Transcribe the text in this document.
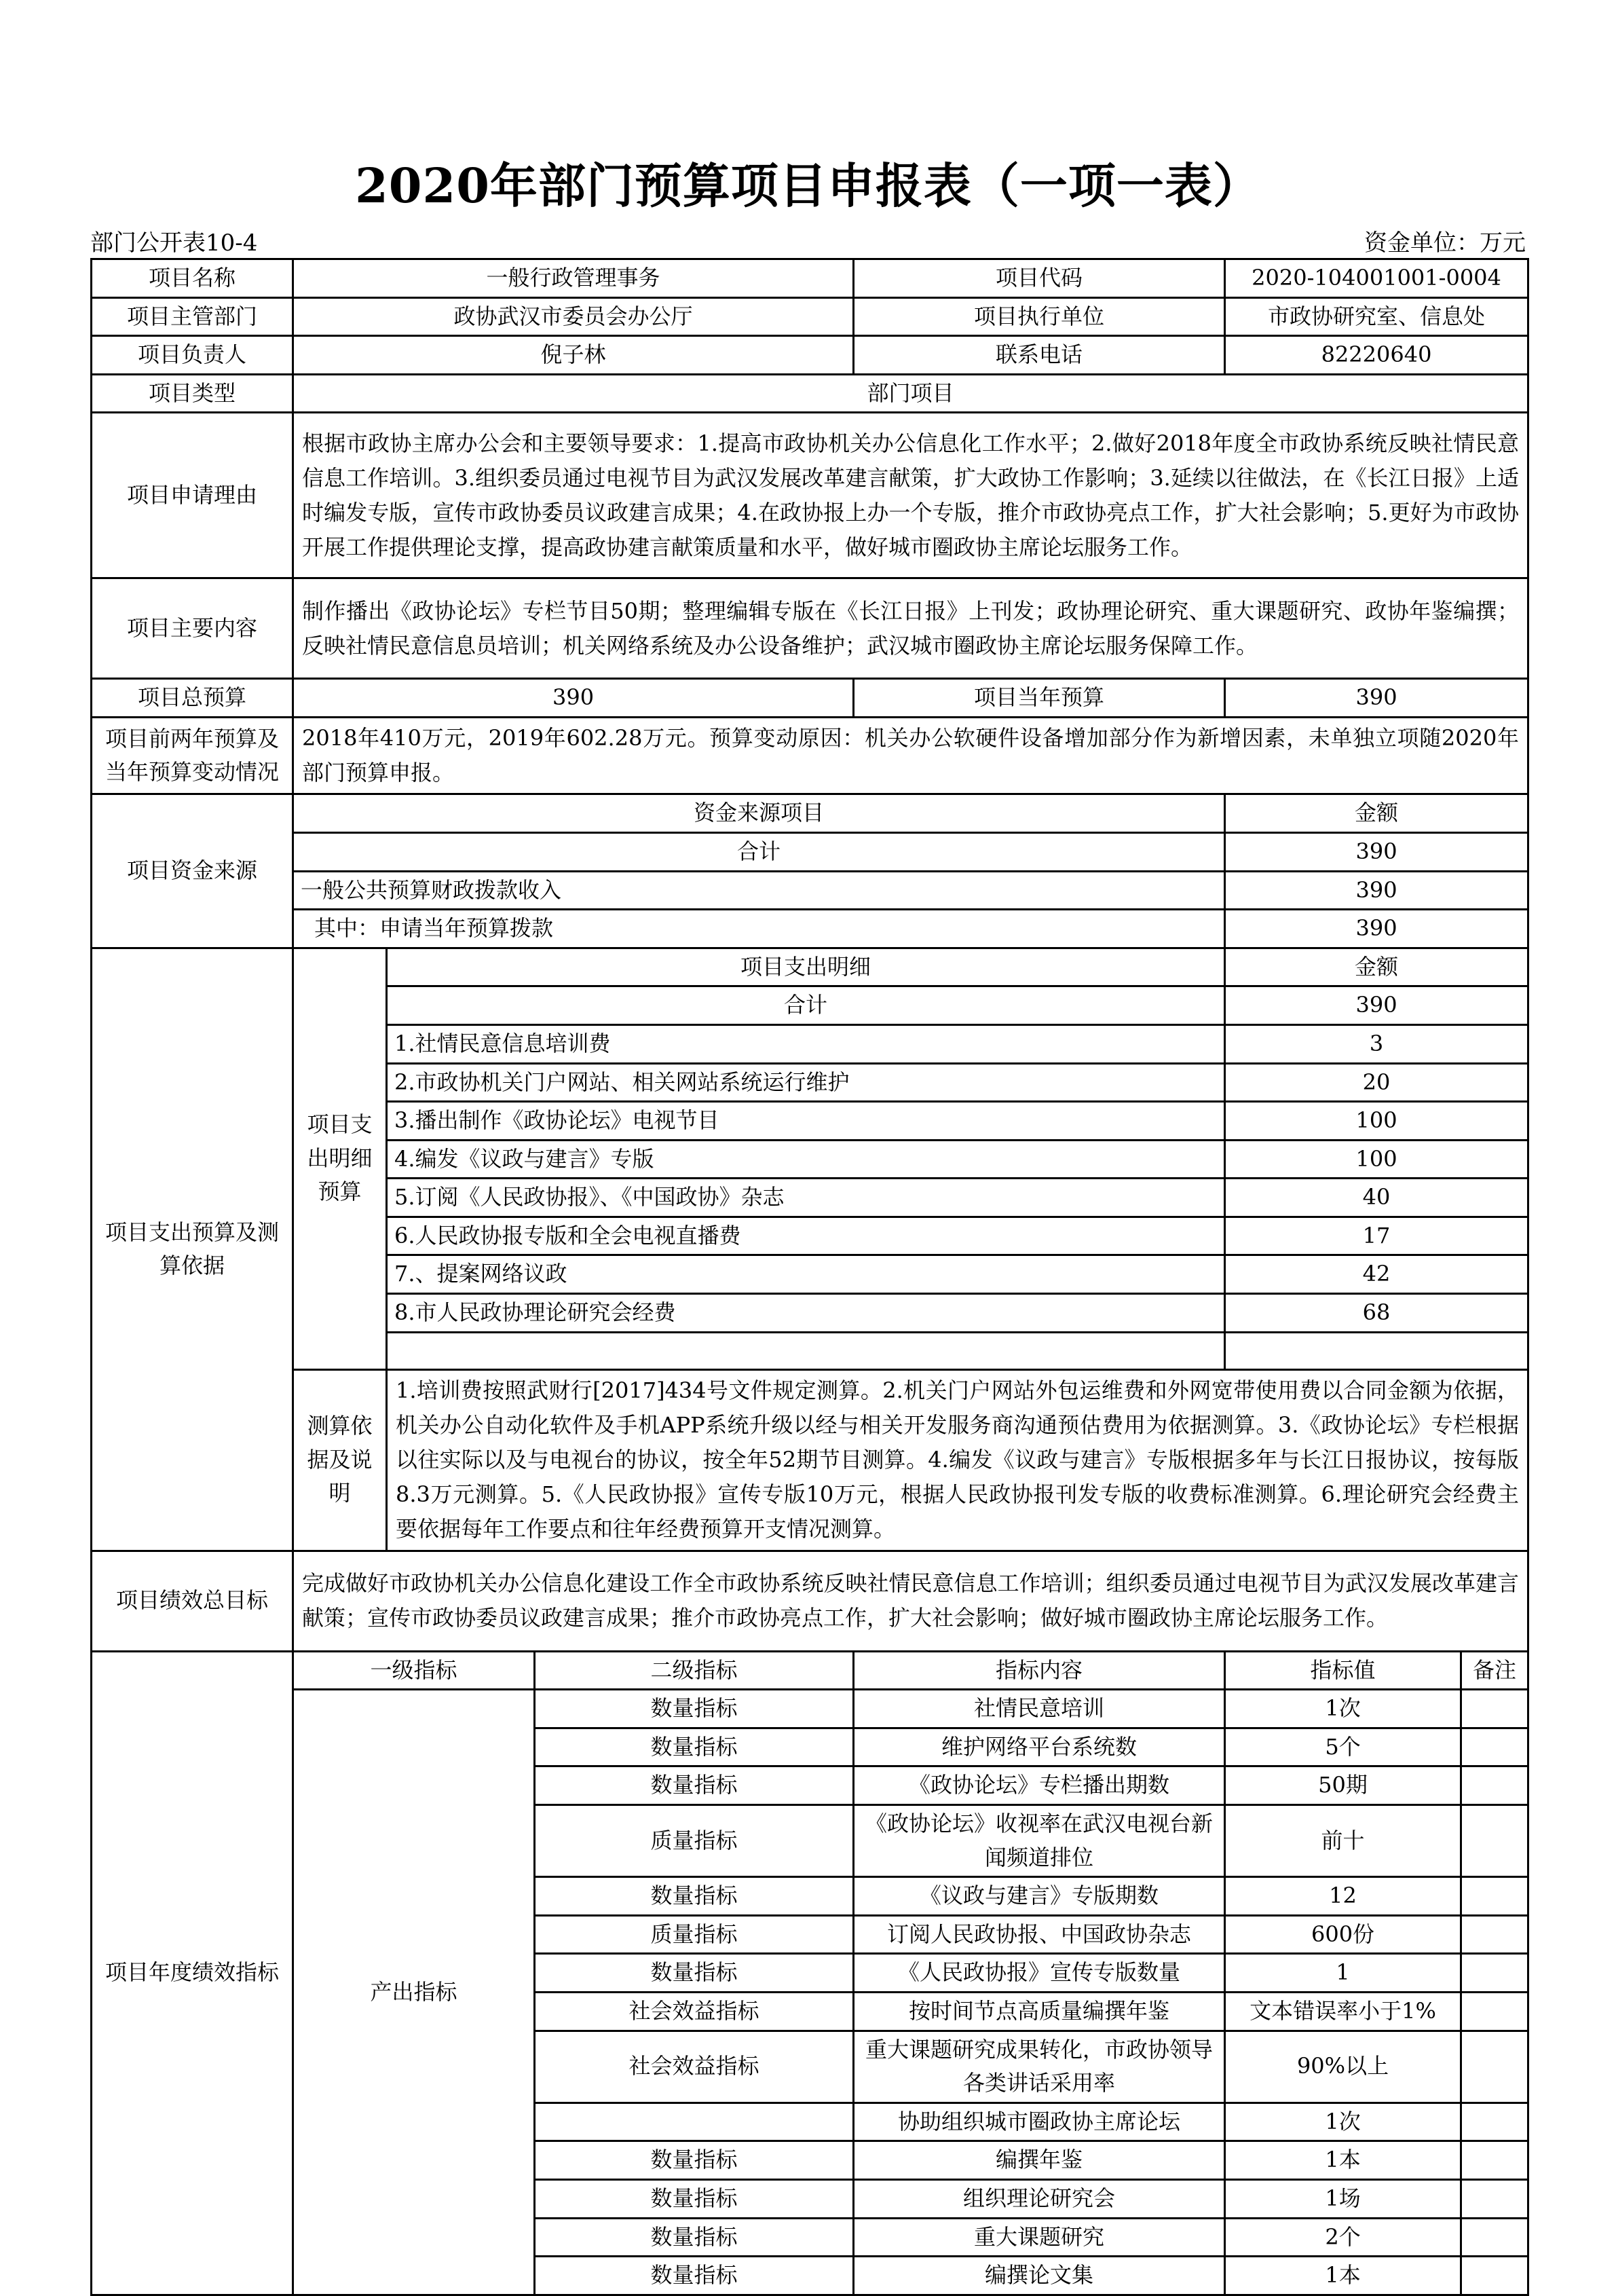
2020年部门预算项目申报表（一项一表）
部门公开表10-4	资金单位：万元
项目名称	一般行政管理事务			项目代码	2020-104001001-0004	
项目主管部门	政协武汉市委员会办公厅			项目执行单位	市政协研究室、信息处	
项目负责人	倪子林			联系电话	82220640	
项目类型	部门项目					
项目申请理由	根据市政协主席办公会和主要领导要求：1.提高市政协机关办公信息化工作水平；2.做好2018年度全市政协系统反映社情民意信息工作培训。3.组织委员通过电视节目为武汉发展改革建言献策，扩大政协工作影响；3.延续以往做法，在《长江日报》上适时编发专版，宣传市政协委员议政建言成果；4.在政协报上办一个专版，推介市政协亮点工作，扩大社会影响；5.更好为市政协开展工作提供理论支撑，提高政协建言献策质量和水平，做好城市圈政协主席论坛服务工作。					
项目主要内容	制作播出《政协论坛》专栏节目50期；整理编辑专版在《长江日报》上刊发；政协理论研究、重大课题研究、政协年鉴编撰；反映社情民意信息员培训；机关网络系统及办公设备维护；武汉城市圈政协主席论坛服务保障工作。					
项目总预算	390			项目当年预算	390	
项目前两年预算及当年预算变动情况	2018年410万元，2019年602.28万元。预算变动原因：机关办公软硬件设备增加部分作为新增因素，未单独立项随2020年部门预算申报。					
项目资金来源	资金来源项目				金额	
	合计				390	
	一般公共预算财政拨款收入				390	
	其中：申请当年预算拨款				390	
项目支出预算及测算依据	项目支出明细预算	项目支出明细			金额	
		合计			390	
		1.社情民意信息培训费			3	
		2.市政协机关门户网站、相关网站系统运行维护			20	
		3.播出制作《政协论坛》电视节目			100	
		4.编发《议政与建言》专版			100	
		5.订阅《人民政协报》、《中国政协》杂志			40	
		6.人民政协报专版和全会电视直播费			17	
		7.、提案网络议政			42	
		8.市人民政协理论研究会经费			68	

	测算依据及说明	1.培训费按照武财行[2017]434号文件规定测算。2.机关门户网站外包运维费和外网宽带使用费以合同金额为依据，机关办公自动化软件及手机APP系统升级以经与相关开发服务商沟通预估费用为依据测算。3.《政协论坛》专栏根据以往实际以及与电视台的协议，按全年52期节目测算。4.编发《议政与建言》专版根据多年与长江日报协议，按每版8.3万元测算。5.《人民政协报》宣传专版10万元，根据人民政协报刊发专版的收费标准测算。6.理论研究会经费主要依据每年工作要点和往年经费预算开支情况测算。				
项目绩效总目标	完成做好市政协机关办公信息化建设工作全市政协系统反映社情民意信息工作培训；组织委员通过电视节目为武汉发展改革建言献策；宣传市政协委员议政建言成果；推介市政协亮点工作，扩大社会影响；做好城市圈政协主席论坛服务工作。					
项目年度绩效指标	一级指标		二级指标	指标内容	指标值	备注
	产出指标		数量指标	社情民意培训	1次	
			数量指标	维护网络平台系统数	5个	
			数量指标	《政协论坛》专栏播出期数	50期	
			质量指标	《政协论坛》收视率在武汉电视台新闻频道排位	前十	
			数量指标	《议政与建言》专版期数	12	
			质量指标	订阅人民政协报、中国政协杂志	600份	
			数量指标	《人民政协报》宣传专版数量	1	
			社会效益指标	按时间节点高质量编撰年鉴	文本错误率小于1%	
			社会效益指标	重大课题研究成果转化，市政协领导各类讲话采用率	90%以上	
				协助组织城市圈政协主席论坛	1次	
			数量指标	编撰年鉴	1本	
			数量指标	组织理论研究会	1场	
			数量指标	重大课题研究	2个	
			数量指标	编撰论文集	1本	
